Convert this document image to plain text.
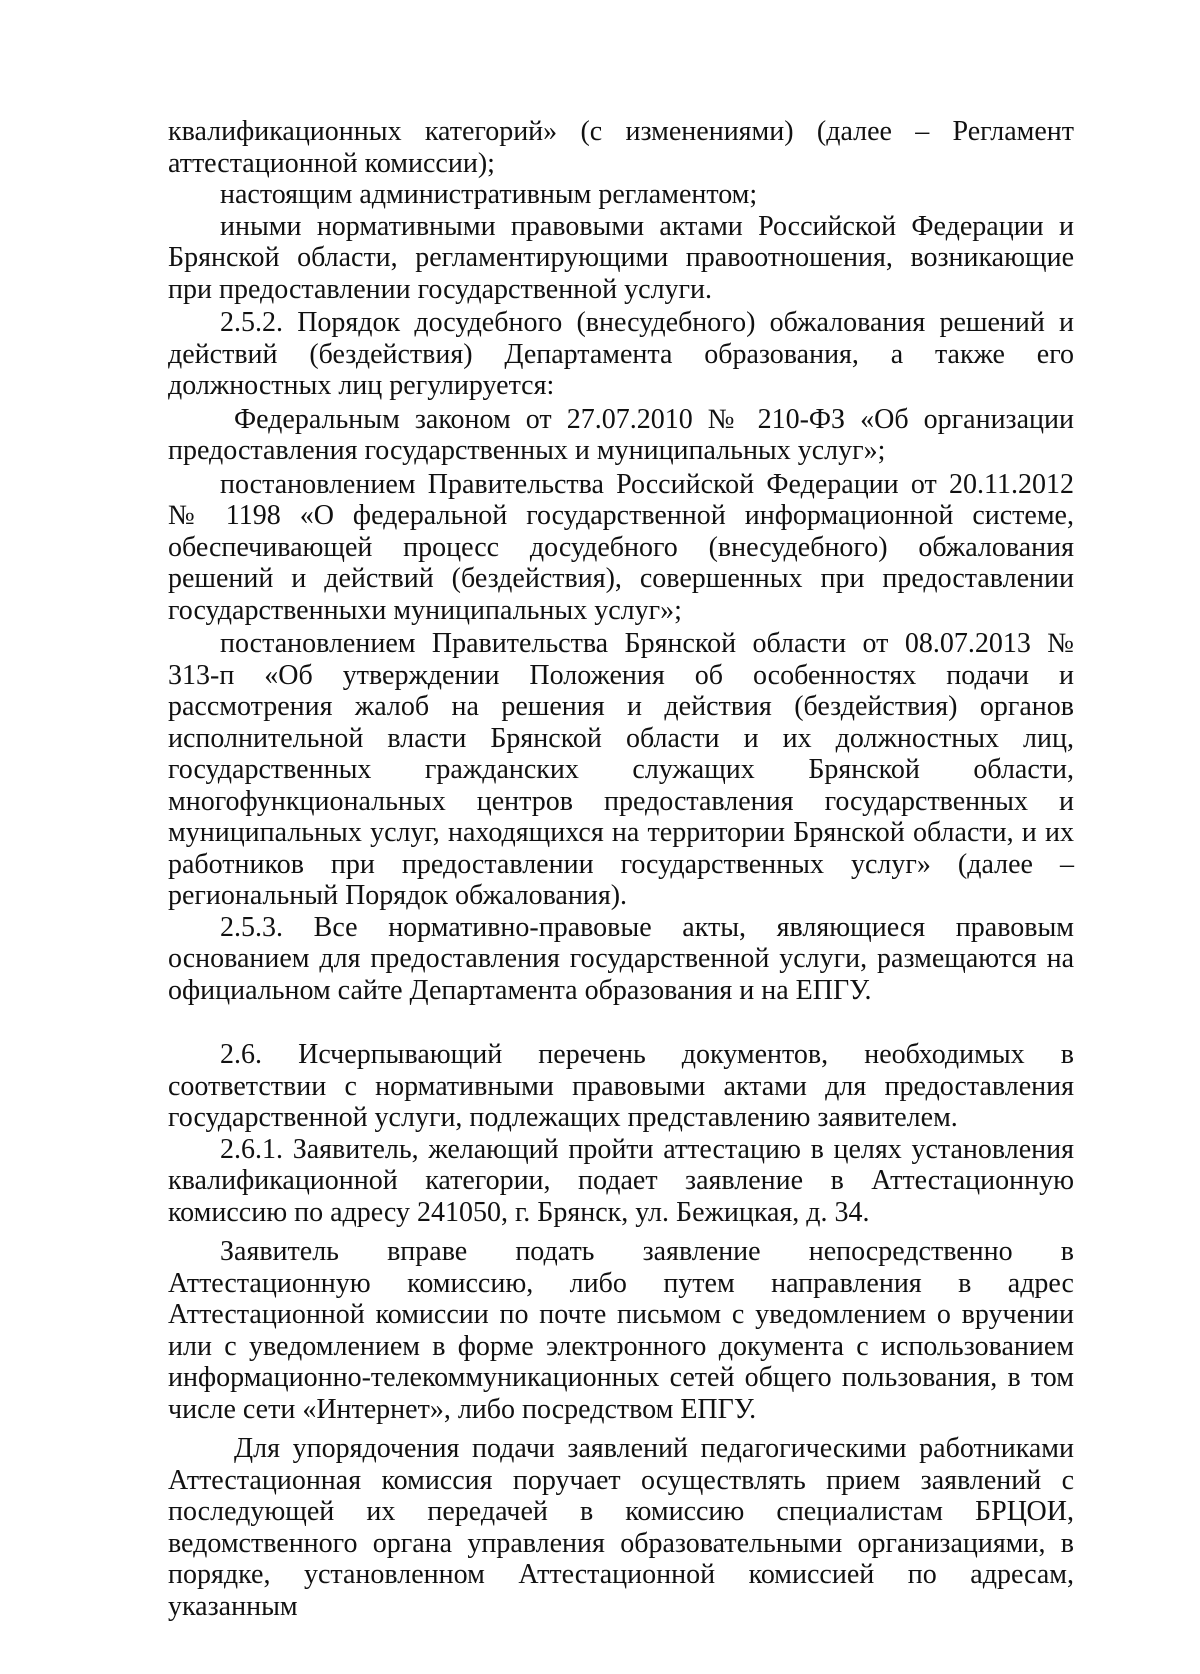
квалификационных категорий» (с изменениями) (далее – Регламент аттестационной комиссии);

настоящим административным регламентом;

иными нормативными правовыми актами Российской Федерации и Брянской области, регламентирующими правоотношения, возникающие при предоставлении государственной услуги.

2.5.2. Порядок досудебного (внесудебного) обжалования решений и действий (бездействия) Департамента образования, а также его должностных лиц регулируется:

Федеральным законом от 27.07.2010 № 210-ФЗ «Об организации предоставления государственных и муниципальных услуг»;

постановлением Правительства Российской Федерации от 20.11.2012 № 1198 «О федеральной государственной информационной системе, обеспечивающей процесс досудебного (внесудебного) обжалования решений и действий (бездействия), совершенных при предоставлении государственныхи муниципальных услуг»;

постановлением Правительства Брянской области от 08.07.2013 № 313-п «Об утверждении Положения об особенностях подачи и рассмотрения жалоб на решения и действия (бездействия) органов исполнительной власти Брянской области и их должностных лиц, государственных гражданских служащих Брянской области, многофункциональных центров предоставления государственных и муниципальных услуг, находящихся на территории Брянской области, и их работников при предоставлении государственных услуг» (далее – региональный Порядок обжалования).

2.5.3. Все нормативно-правовые акты, являющиеся правовым основанием для предоставления государственной услуги, размещаются на официальном сайте Департамента образования и на ЕПГУ.

2.6. Исчерпывающий перечень документов, необходимых в соответствии с нормативными правовыми актами для предоставления государственной услуги, подлежащих представлению заявителем.

2.6.1. Заявитель, желающий пройти аттестацию в целях установления квалификационной категории, подает заявление в Аттестационную комиссию по адресу 241050, г. Брянск, ул. Бежицкая, д. 34.

Заявитель вправе подать заявление непосредственно в Аттестационную комиссию, либо путем направления в адрес Аттестационной комиссии по почте письмом с уведомлением о вручении или с уведомлением в форме электронного документа с использованием информационно-телекоммуникационных сетей общего пользования, в том числе сети «Интернет», либо посредством ЕПГУ.

Для упорядочения подачи заявлений педагогическими работниками Аттестационная комиссия поручает осуществлять прием заявлений с последующей их передачей в комиссию специалистам БРЦОИ, ведомственного органа управления образовательными организациями, в порядке, установленном Аттестационной комиссией по адресам, указанным
